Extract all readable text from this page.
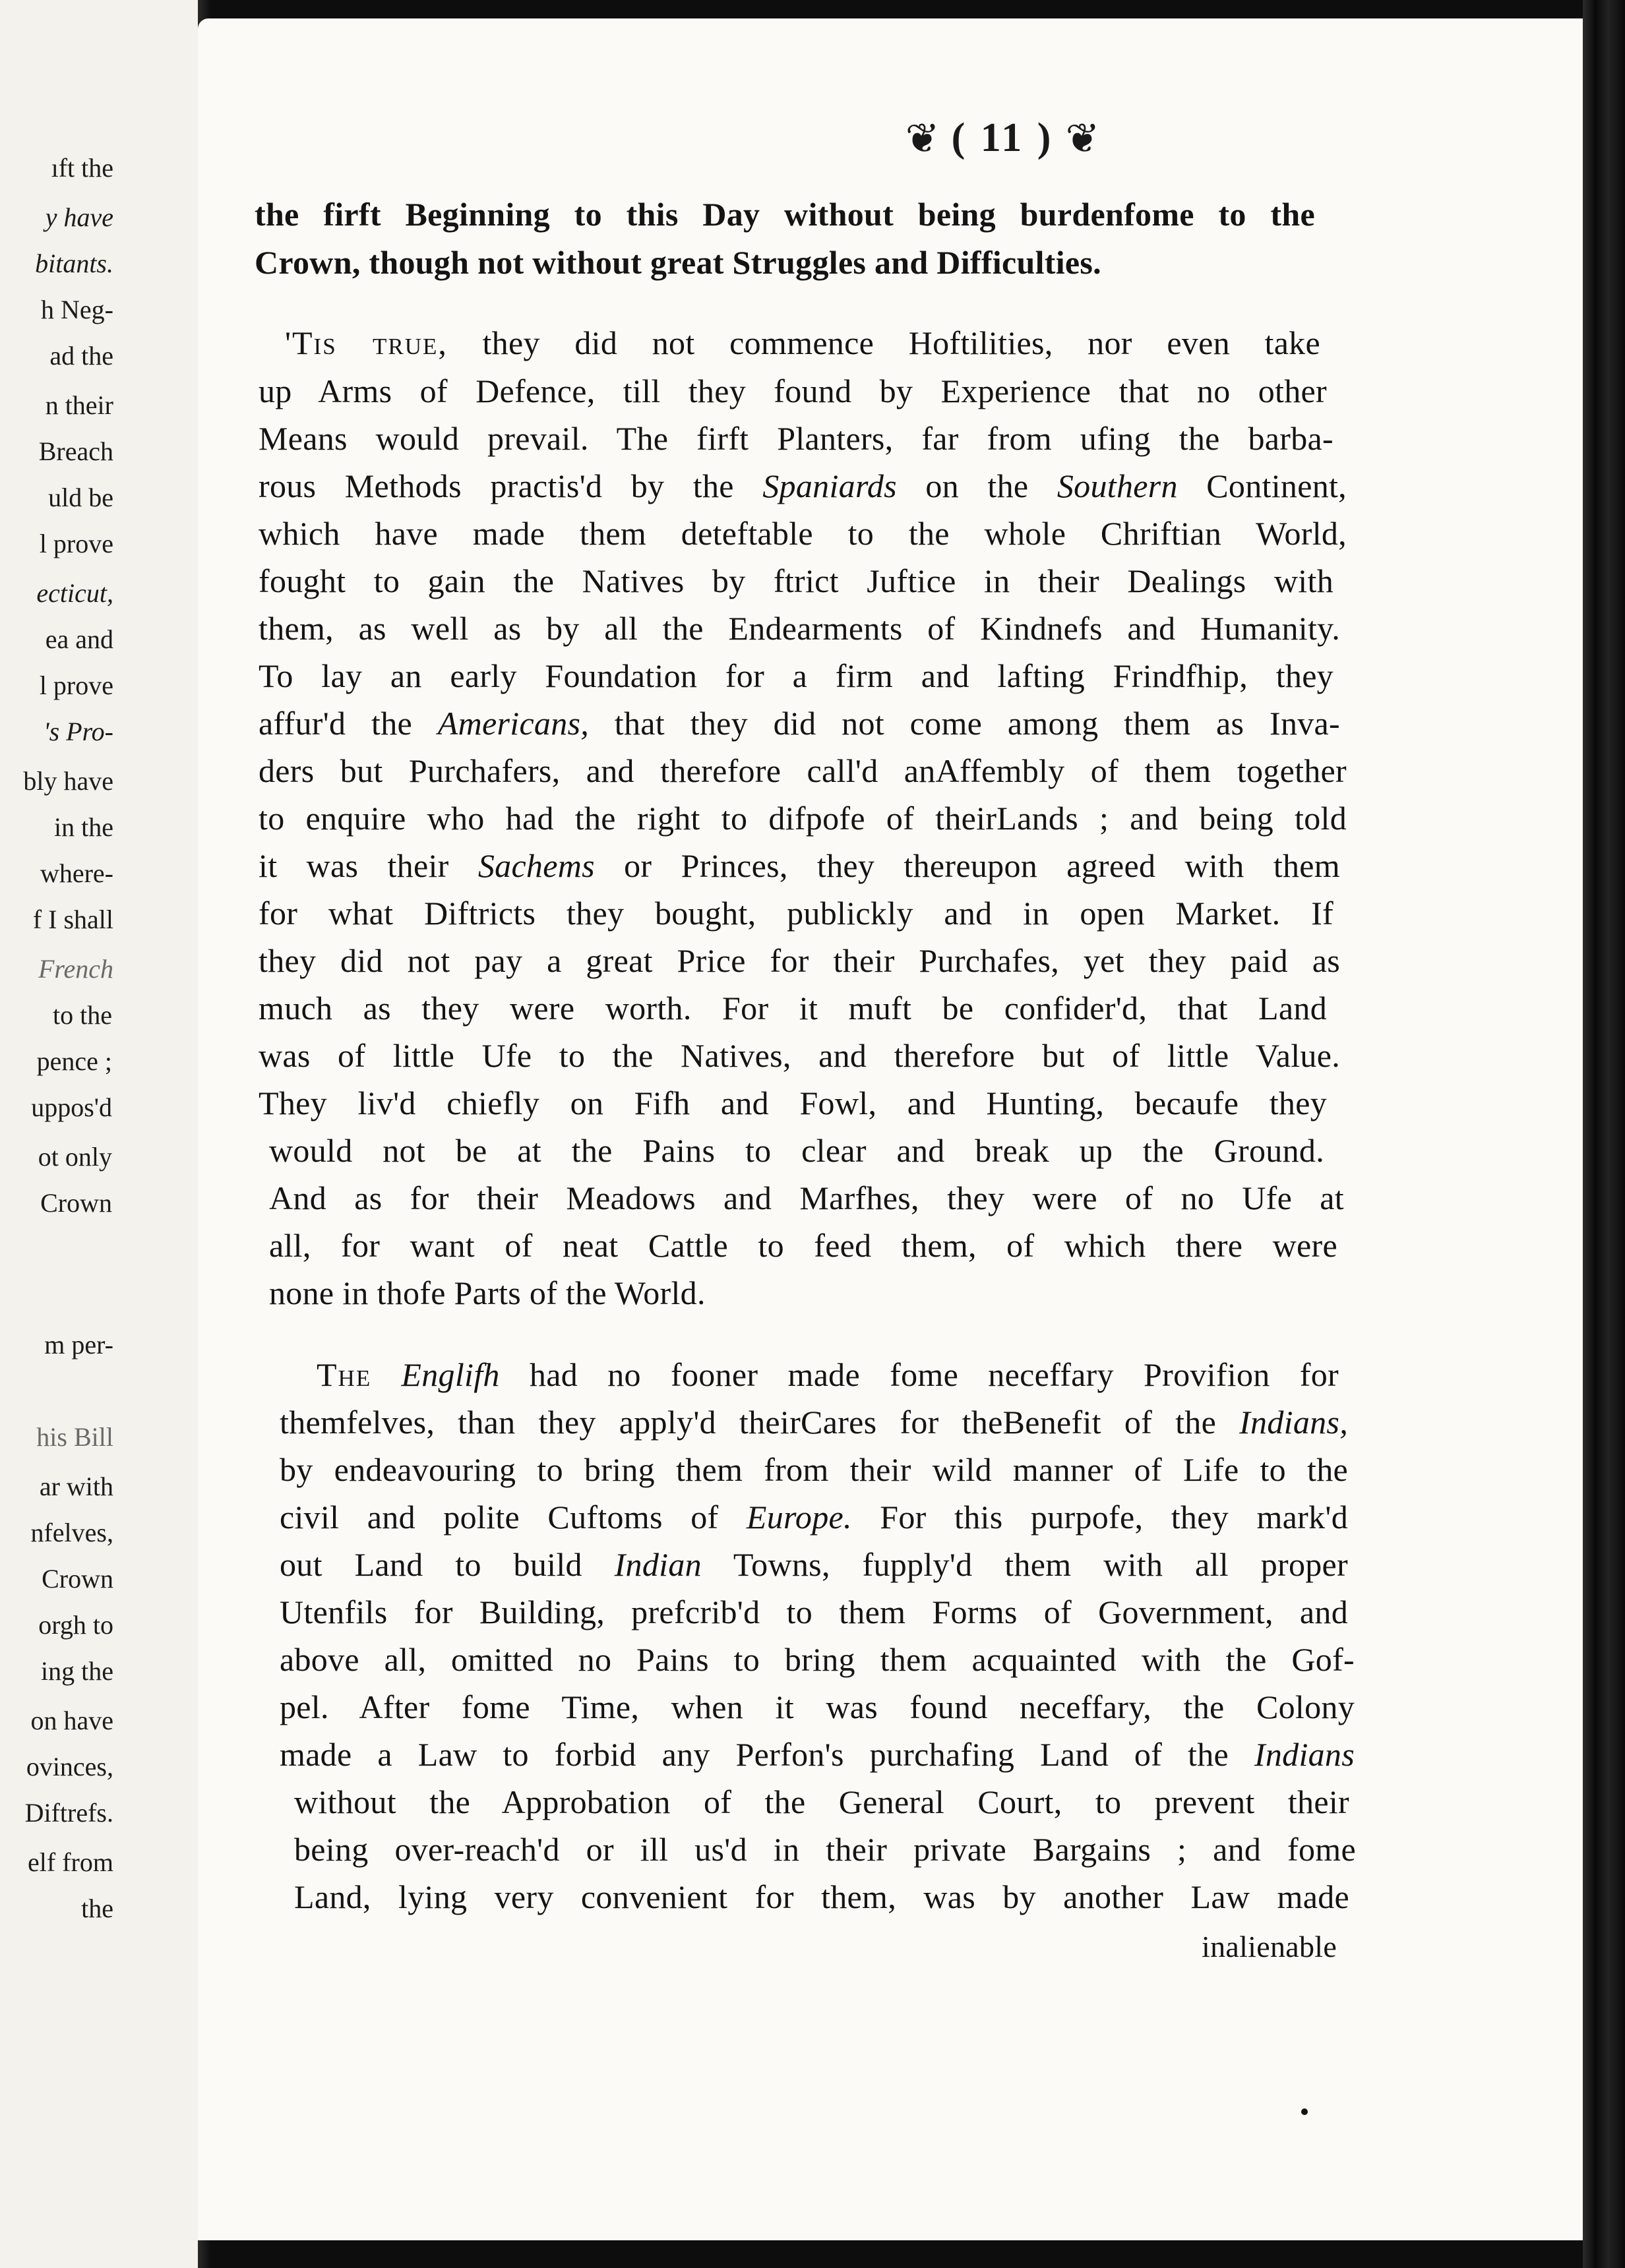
ıft the
y have
bitants.
h Neg-
ad the
n their
Breach
uld be
l prove
ecticut,
ea and
l prove
's Pro-
bly have
in the
where-
f I shall
French
to the
pence ;
uppos'd
ot only
Crown
m per-
his Bill
ar with
nfelves,
Crown
orgh to
ing the
on have
ovinces,
Diftrefs.
elf from
the
❦ ( 11 ) ❦
the firft Beginning to this Day without being burdenfome to the
Crown, though not without great Struggles and Difficulties.
'Tis true, they did not commence Hoftilities, nor even take
up Arms of Defence, till they found by Experience that no other
Means would prevail. The firft Planters, far from ufing the barba-
rous Methods practis'd by the Spaniards on the Southern Continent,
which have made them deteftable to the whole Chriftian World,
fought to gain the Natives by ftrict Juftice in their Dealings with
them, as well as by all the Endearments of Kindnefs and Humanity.
To lay an early Foundation for a firm and lafting Frindfhip, they
affur'd the Americans, that they did not come among them as Inva-
ders but Purchafers, and therefore call'd anAffembly of them together
to enquire who had the right to difpofe of theirLands ; and being told
it was their Sachems or Princes, they thereupon agreed with them
for what Diftricts they bought, publickly and in open Market. If
they did not pay a great Price for their Purchafes, yet they paid as
much as they were worth. For it muft be confider'd, that Land
was of little Ufe to the Natives, and therefore but of little Value.
They liv'd chiefly on Fifh and Fowl, and Hunting, becaufe they
would not be at the Pains to clear and break up the Ground.
And as for their Meadows and Marfhes, they were of no Ufe at
all, for want of neat Cattle to feed them, of which there were
none in thofe Parts of the World.
The Englifh had no fooner made fome neceffary Provifion for
themfelves, than they apply'd theirCares for theBenefit of the Indians,
by endeavouring to bring them from their wild manner of Life to the
civil and polite Cuftoms of Europe. For this purpofe, they mark'd
out Land to build Indian Towns, fupply'd them with all proper
Utenfils for Building, prefcrib'd to them Forms of Government, and
above all, omitted no Pains to bring them acquainted with the Gof-
pel. After fome Time, when it was found neceffary, the Colony
made a Law to forbid any Perfon's purchafing Land of the Indians
without the Approbation of the General Court, to prevent their
being over-reach'd or ill us'd in their private Bargains ; and fome
Land, lying very convenient for them, was by another Law made
inalienable
